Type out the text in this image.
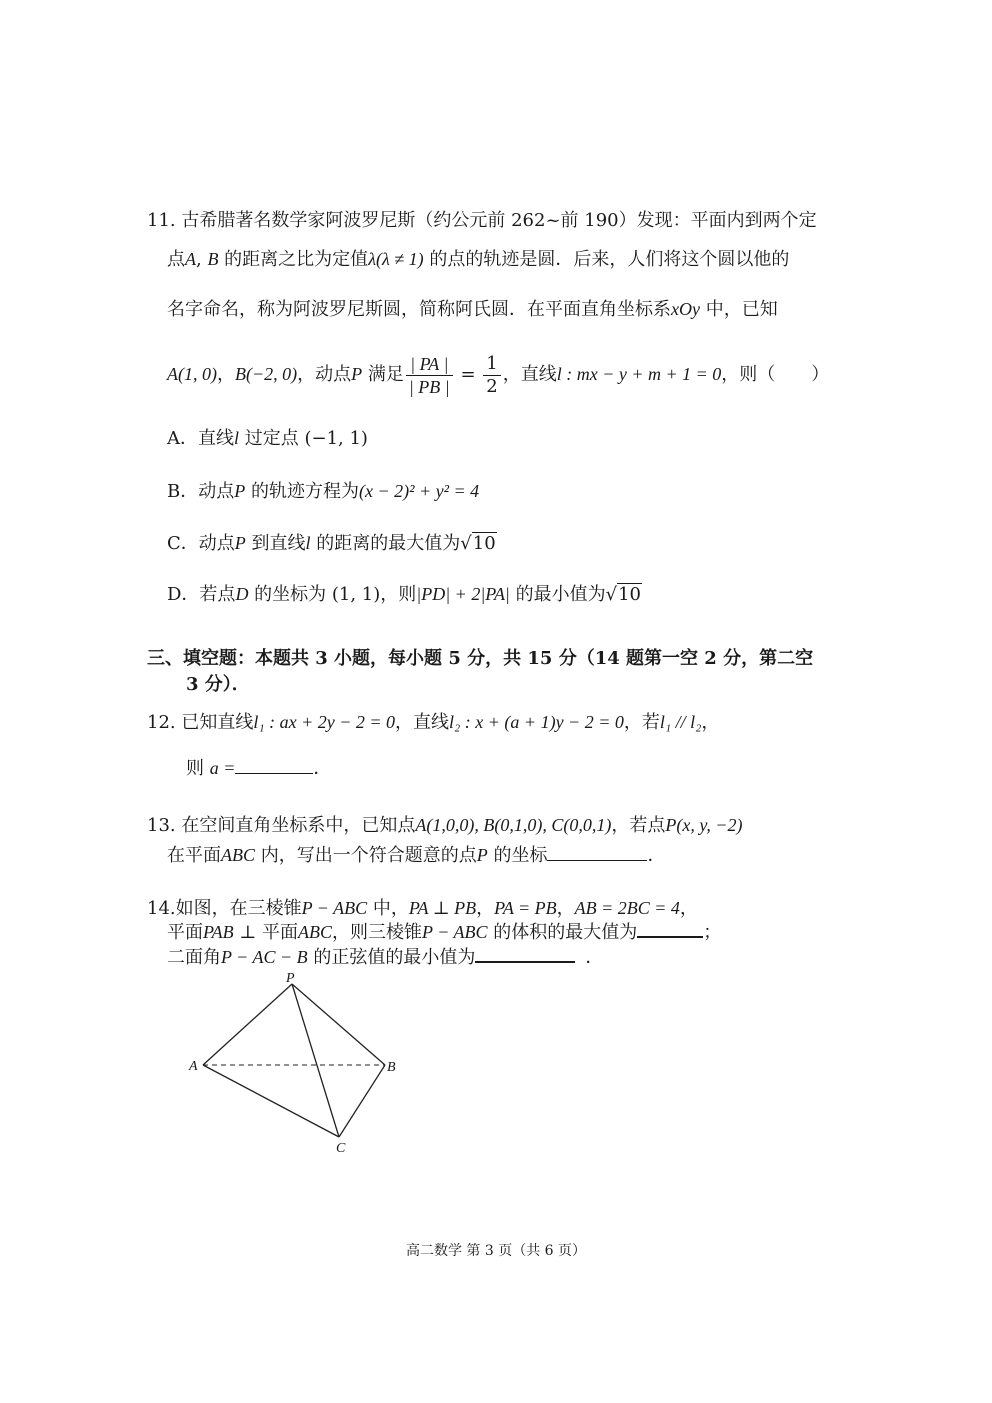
11. 古希腊著名数学家阿波罗尼斯（约公元前 262~前 190）发现：平面内到两个定
点A, B 的距离之比为定值λ(λ ≠ 1) 的点的轨迹是圆．后来，人们将这个圆以他的
名字命名，称为阿波罗尼斯圆，简称阿氏圆．在平面直角坐标系xOy 中，已知
A(1, 0)，B(−2, 0)，动点P 满足 $\frac{| PA |}{| PB |} = \frac{1}{2}$ ，直线l : mx − y + m + 1 = 0，则（　　）
A．直线l 过定点 (−1, 1)
B．动点P 的轨迹方程为(x − 2)² + y² = 4
C．动点P 到直线l 的距离的最大值为√10
D．若点D 的坐标为 (1, 1)，则|PD| + 2|PA| 的最小值为√10
三、填空题：本题共 3 小题，每小题 5 分，共 15 分（14 题第一空 2 分，第二空
3 分）．
12. 已知直线l₁ : ax + 2y − 2 = 0，直线l₂ : x + (a + 1)y − 2 = 0，若l₁ // l₂，
则 a =	．
13. 在空间直角坐标系中，已知点A(1,0,0), B(0,1,0), C(0,0,1)，若点P(x, y, −2)
在平面ABC 内，写出一个符合题意的点P 的坐标	．
14.如图，在三棱锥P − ABC 中，PA ⊥ PB，PA = PB，AB = 2BC = 4，
平面PAB ⊥ 平面ABC，则三棱锥P − ABC 的体积的最大值为	；
二面角P − AC − B 的正弦值的最小值为	．
P
A	B
C
高二数学 第 3 页（共 6 页）
